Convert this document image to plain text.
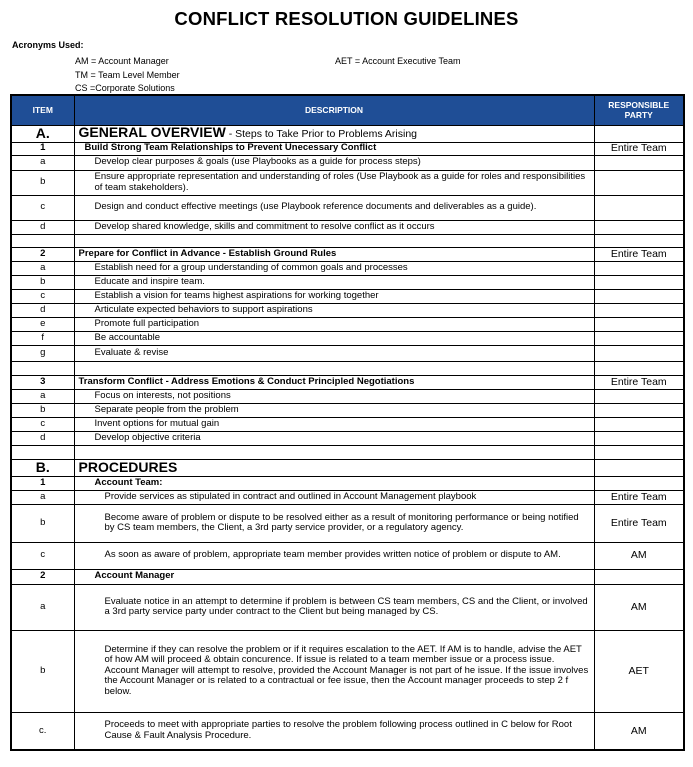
CONFLICT RESOLUTION GUIDELINES
Acronyms Used:
AM = Account Manager
TM = Team Level Member
CS =Corporate Solutions
AET = Account Executive Team
ITEM	DESCRIPTION	RESPONSIBLE PARTY
A.	GENERAL OVERVIEW - Steps to Take Prior to Problems Arising	
1	Build Strong Team Relationships to Prevent Unecessary Conflict	Entire Team
a	Develop clear purposes & goals (use Playbooks as a guide for process steps)	
b	Ensure appropriate representation and understanding of roles (Use Playbook as a guide for roles and responsibilities of team stakeholders).	
c	Design and conduct effective meetings (use Playbook reference documents and deliverables as a guide).	
d	Develop shared knowledge, skills and commitment to resolve conflict as it occurs	

2	Prepare for Conflict in Advance - Establish Ground Rules	Entire Team
a	Establish need for a group understanding of common goals and processes	
b	Educate and inspire team.	
c	Establish a vision for teams highest aspirations for working together	
d	Articulate expected behaviors to support aspirations	
e	Promote full participation	
f	Be accountable	
g	Evaluate & revise	

3	Transform Conflict - Address Emotions & Conduct Principled Negotiations	Entire Team
a	Focus on interests, not positions	
b	Separate people from the problem	
c	Invent options for mutual gain	
d	Develop objective criteria	

B.	PROCEDURES	
1	Account Team:	
a	Provide services as stipulated in contract and outlined in Account Management playbook	Entire Team
b	Become aware of problem or dispute to be resolved either as a result of monitoring performance or being notified by CS team members, the Client, a 3rd party service provider, or a regulatory agency.	Entire Team
c	As soon as aware of problem, appropriate team member provides written notice of problem or dispute to AM.	AM
2	Account Manager	
a	Evaluate notice in an attempt to determine if problem is between CS team members, CS and the Client, or involved a 3rd party service party under contract to the Client but being managed by CS.	AM
b	Determine if they can resolve the problem or if it requires escalation to the AET. If AM is to handle, advise the AET of how AM will proceed & obtain concurence. If issue is related to a team member issue or a process issue. Account Manager will attempt to resolve, provided the Account Manager is not part of he issue. If the issue involves the Account Manager or is related to a contractual or fee issue, then the Account manager proceeds to step 2 f below.	AET
c.	Proceeds to meet with appropriate parties to resolve the problem following process outlined in C below for Root Cause & Fault Analysis Procedure.	AM
